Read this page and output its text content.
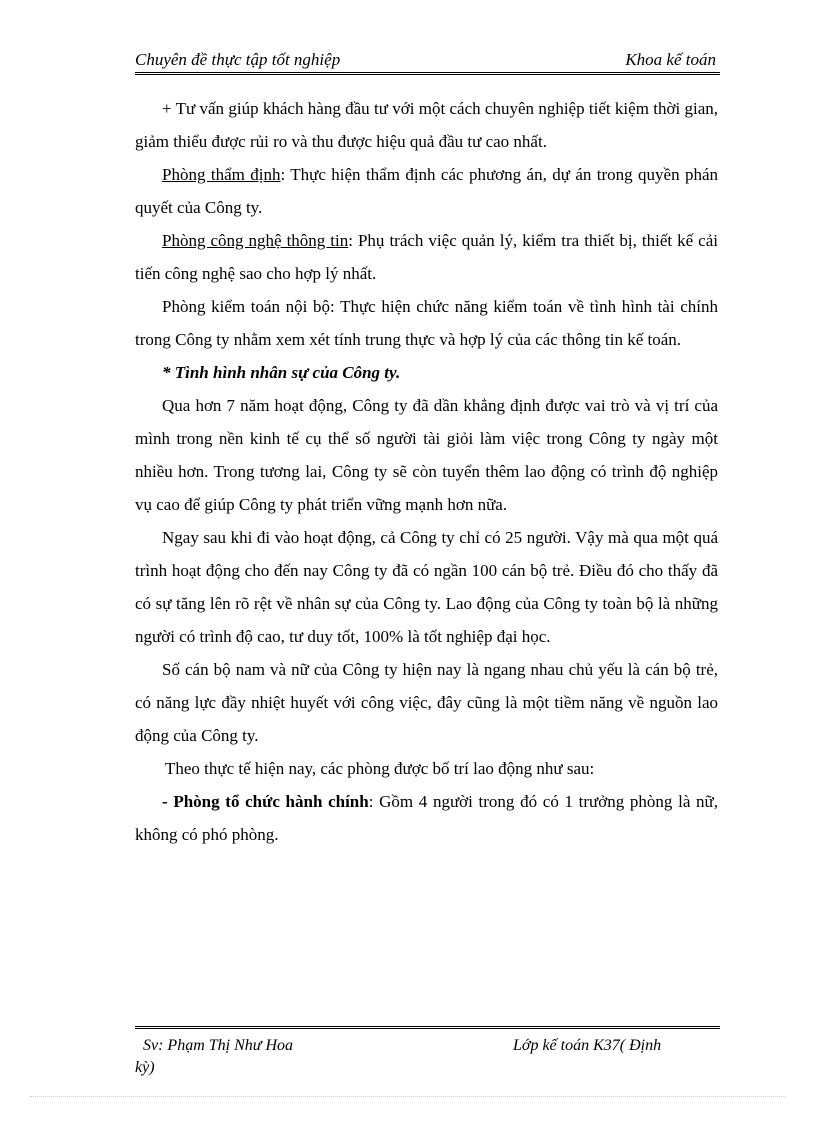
Chuyên đề thực tập tốt nghiệp	Khoa kế toán

+ Tư vấn giúp khách hàng đầu tư với một cách chuyên nghiệp tiết kiệm thời gian, giảm thiểu được rủi ro và thu được hiệu quả đầu tư cao nhất.

Phòng thẩm định: Thực hiện thẩm định các phương án, dự án trong quyền phán quyết của Công ty.

Phòng công nghệ thông tin: Phụ trách việc quản lý, kiểm tra thiết bị, thiết kế cải tiến công nghệ sao cho hợp lý nhất.

Phòng kiểm toán nội bộ: Thực hiện chức năng kiểm toán về tình hình tài chính trong Công ty nhằm xem xét tính trung thực và hợp lý của các thông tin kế toán.

* Tình hình nhân sự của Công ty.

Qua hơn 7 năm hoạt động, Công ty đã dần khẳng định được vai trò và vị trí của mình trong nền kinh tế cụ thể số người tài giỏi làm việc trong Công ty ngày một nhiều hơn. Trong tương lai, Công ty sẽ còn tuyển thêm lao động có trình độ nghiệp vụ cao để giúp Công ty phát triển vững mạnh hơn nữa.

Ngay sau khi đi vào hoạt động, cả Công ty chỉ có 25 người. Vậy mà qua một quá trình hoạt động cho đến nay Công ty đã có ngần 100 cán bộ trẻ. Điều đó cho thấy đã có sự tăng lên rõ rệt về nhân sự của Công ty. Lao động của Công ty toàn bộ là những người có trình độ cao, tư duy tốt, 100% là tốt nghiệp đại học.

Số cán bộ nam và nữ của Công ty hiện nay là ngang nhau chủ yếu là cán bộ trẻ, có năng lực đầy nhiệt huyết với công việc, đây cũng là một tiềm năng về nguồn lao động của Công ty.

Theo thực tế hiện nay, các phòng được bố trí lao động như sau:

- Phòng tổ chức hành chính: Gồm 4 người trong đó có 1 trưởng phòng là nữ, không có phó phòng.

Sv: Phạm Thị Như Hoa	Lớp kế toán K37( Định
kỳ)
